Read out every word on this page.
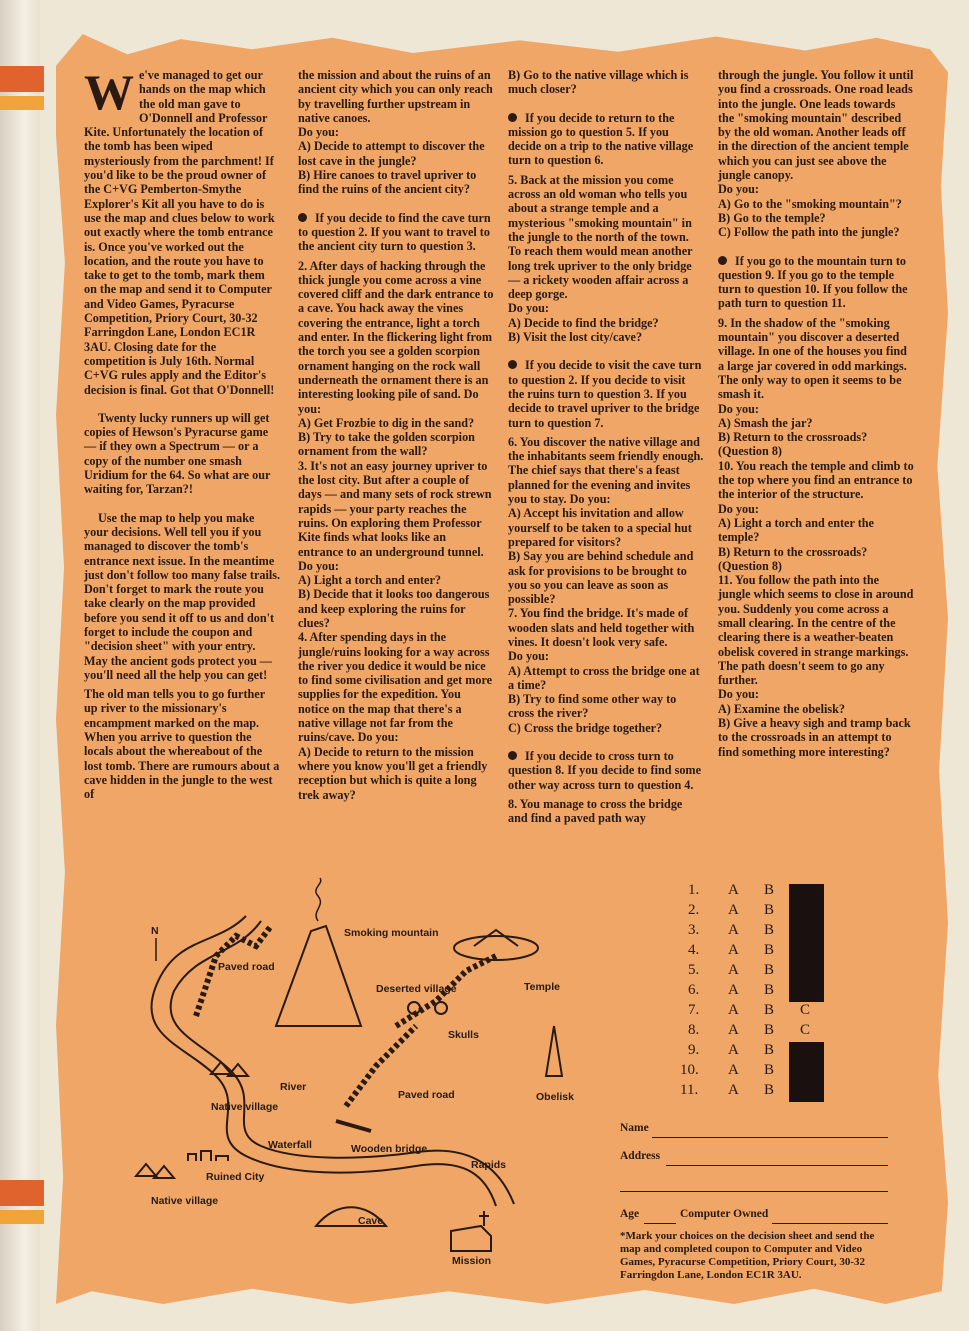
We've managed to get our hands on the map which the old man gave to O'Donnell and Professor Kite. Unfortunately the location of the tomb has been wiped mysteriously from the parchment! If you'd like to be the proud owner of the C+VG Pemberton-Smythe Explorer's Kit all you have to do is use the map and clues below to work out exactly where the tomb entrance is. Once you've worked out the location, and the route you have to take to get to the tomb, mark them on the map and send it to Computer and Video Games, Pyracurse Competition, Priory Court, 30-32 Farringdon Lane, London EC1R 3AU. Closing date for the competition is July 16th. Normal C+VG rules apply and the Editor's decision is final. Got that O'Donnell!

Twenty lucky runners up will get copies of Hewson's Pyracurse game — if they own a Spectrum — or a copy of the number one smash Uridium for the 64. So what are our waiting for, Tarzan?!

Use the map to help you make your decisions. Well tell you if you managed to discover the tomb's entrance next issue. In the meantime just don't follow too many false trails. Don't forget to mark the route you take clearly on the map provided before you send it off to us and don't forget to include the coupon and "decision sheet" with your entry. May the ancient gods protect you — you'll need all the help you can get!

The old man tells you to go further up river to the missionary's encampment marked on the map. When you arrive to question the locals about the whereabout of the lost tomb. There are rumours about a cave hidden in the jungle to the west of

the mission and about the ruins of an ancient city which you can only reach by travelling further upstream in native canoes.

Do you:

A) Decide to attempt to discover the lost cave in the jungle?

B) Hire canoes to travel upriver to find the ruins of the ancient city?

If you decide to find the cave turn to question 2. If you want to travel to the ancient city turn to question 3.

2. After days of hacking through the thick jungle you come across a vine covered cliff and the dark entrance to a cave. You hack away the vines covering the entrance, light a torch and enter. In the flickering light from the torch you see a golden scorpion ornament hanging on the rock wall underneath the ornament there is an interesting looking pile of sand. Do you:

A) Get Frozbie to dig in the sand?

B) Try to take the golden scorpion ornament from the wall?

3. It's not an easy journey upriver to the lost city. But after a couple of days — and many sets of rock strewn rapids — your party reaches the ruins. On exploring them Professor Kite finds what looks like an entrance to an underground tunnel. Do you:

A) Light a torch and enter?

B) Decide that it looks too dangerous and keep exploring the ruins for clues?

4. After spending days in the jungle/ruins looking for a way across the river you dedice it would be nice to find some civilisation and get more supplies for the expedition. You notice on the map that there's a native village not far from the ruins/cave. Do you:

A) Decide to return to the mission where you know you'll get a friendly reception but which is quite a long trek away?

B) Go to the native village which is much closer?

If you decide to return to the mission go to question 5. If you decide on a trip to the native village turn to question 6.

5. Back at the mission you come across an old woman who tells you about a strange temple and a mysterious "smoking mountain" in the jungle to the north of the town. To reach them would mean another long trek upriver to the only bridge — a rickety wooden affair across a deep gorge.

Do you:

A) Decide to find the bridge?

B) Visit the lost city/cave?

If you decide to visit the cave turn to question 2. If you decide to visit the ruins turn to question 3. If you decide to travel upriver to the bridge turn to question 7.

6. You discover the native village and the inhabitants seem friendly enough. The chief says that there's a feast planned for the evening and invites you to stay. Do you:

A) Accept his invitation and allow yourself to be taken to a special hut prepared for visitors?

B) Say you are behind schedule and ask for provisions to be brought to you so you can leave as soon as possible?

7. You find the bridge. It's made of wooden slats and held together with vines. It doesn't look very safe.

Do you:

A) Attempt to cross the bridge one at a time?

B) Try to find some other way to cross the river?

C) Cross the bridge together?

If you decide to cross turn to question 8. If you decide to find some other way across turn to question 4.

8. You manage to cross the bridge and find a paved path way

through the jungle. You follow it until you find a crossroads. One road leads into the jungle. One leads towards the "smoking mountain" described by the old woman. Another leads off in the direction of the ancient temple which you can just see above the jungle canopy.

Do you:

A) Go to the "smoking mountain"?

B) Go to the temple?

C) Follow the path into the jungle?

If you go to the mountain turn to question 9. If you go to the temple turn to question 10. If you follow the path turn to question 11.

9. In the shadow of the "smoking mountain" you discover a deserted village. In one of the houses you find a large jar covered in odd markings. The only way to open it seems to be smash it.

Do you:

A) Smash the jar?

B) Return to the crossroads? (Question 8)

10. You reach the temple and climb to the top where you find an entrance to the interior of the structure.

Do you:

A) Light a torch and enter the temple?

B) Return to the crossroads? (Question 8)

11. You follow the path into the jungle which seems to close in around you. Suddenly you come across a small clearing. In the centre of the clearing there is a weather-beaten obelisk covered in strange markings. The path doesn't seem to go any further.

Do you:

A) Examine the obelisk?

B) Give a heavy sigh and tramp back to the crossroads in an attempt to find something more interesting?

N	Smoking mountain
Paved road
Deserted village	Temple
Skulls
River
Native village
Paved road	Obelisk
Waterfall	Wooden bridge
Rapids
Ruined City
Native village
Cave
Mission
1. A B
2. A B
3. A B
4. A B
5. A B
6. A B
7. A B C
8. A B C
9. A B
10. A B
11. A B
Name
Address
Age	Computer Owned
*Mark your choices on the decision sheet and send the map and completed coupon to Computer and Video Games, Pyracurse Competition, Priory Court, 30-32 Farringdon Lane, London EC1R 3AU.
